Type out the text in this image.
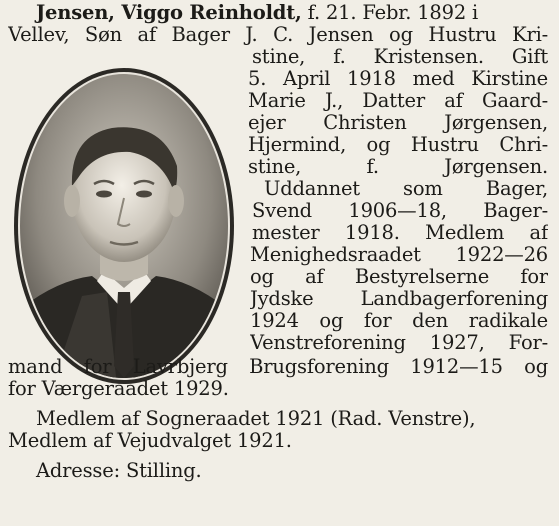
Jensen, Viggo Reinholdt, f. 21. Febr. 1892 i
Vellev, Søn af Bager J. C. Jensen og Hustru Kri-
stine, f. Kristensen. Gift
5. April 1918 med Kirstine
Marie J., Datter af Gaard-
ejer Christen Jørgensen,
Hjermind, og Hustru Chri-
stine, f. Jørgensen.
Uddannet som Bager,
Svend 1906—18, Bager-
mester 1918. Medlem af
Menighedsraadet 1922—26
og af Bestyrelserne for
Jydske Landbagerforening
1924 og for den radikale
Venstreforening 1927, For-
mand for Lavrbjerg Brugsforening 1912—15 og
for Værgeraadet 1929.
Medlem af Sogneraadet 1921 (Rad. Venstre),
Medlem af Vejudvalget 1921.
Adresse: Stilling.
